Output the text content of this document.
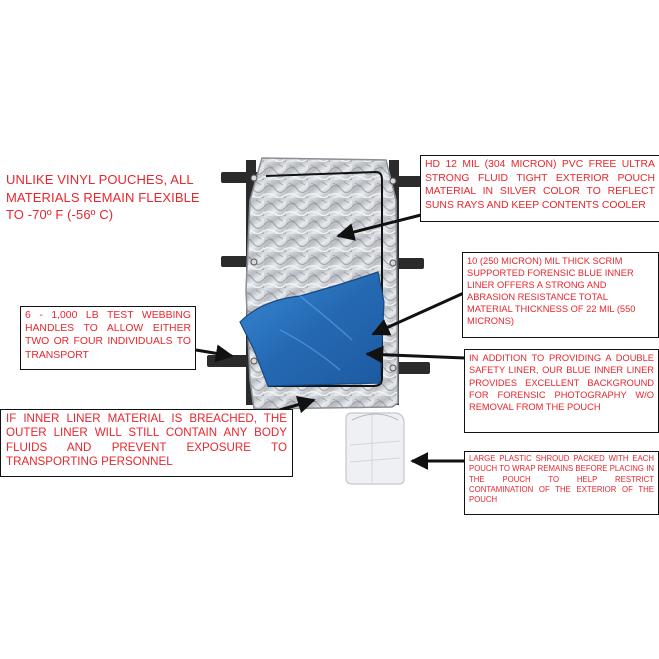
UNLIKE VINYL POUCHES, ALL MATERIALS REMAIN FLEXIBLE TO -70º F (-56º C)
HD 12 MIL (304 MICRON) PVC FREE ULTRA STRONG FLUID TIGHT EXTERIOR POUCH MATERIAL IN SILVER COLOR TO REFLECT SUNS RAYS AND KEEP CONTENTS COOLER
10 (250 MICRON) MIL THICK SCRIM SUPPORTED FORENSIC BLUE INNER LINER OFFERS A STRONG AND ABRASION RESISTANCE TOTAL MATERIAL THICKNESS OF 22 MIL (550 MICRONS)
6 - 1,000 LB TEST WEBBING HANDLES TO ALLOW EITHER TWO OR FOUR INDIVIDUALS TO TRANSPORT	IN ADDITION TO PROVIDING A DOUBLE SAFETY LINER, OUR BLUE INNER LINER PROVIDES EXCELLENT BACKGROUND FOR FORENSIC PHOTOGRAPHY W/O REMOVAL FROM THE POUCH
IF INNER LINER MATERIAL IS BREACHED, THE OUTER LINER WILL STILL CONTAIN ANY BODY FLUIDS AND PREVENT EXPOSURE TO TRANSPORTING PERSONNEL	LARGE PLASTIC SHROUD PACKED WITH EACH POUCH TO WRAP REMAINS BEFORE PLACING IN THE POUCH TO HELP RESTRICT CONTAMINATION OF THE EXTERIOR OF THE POUCH
